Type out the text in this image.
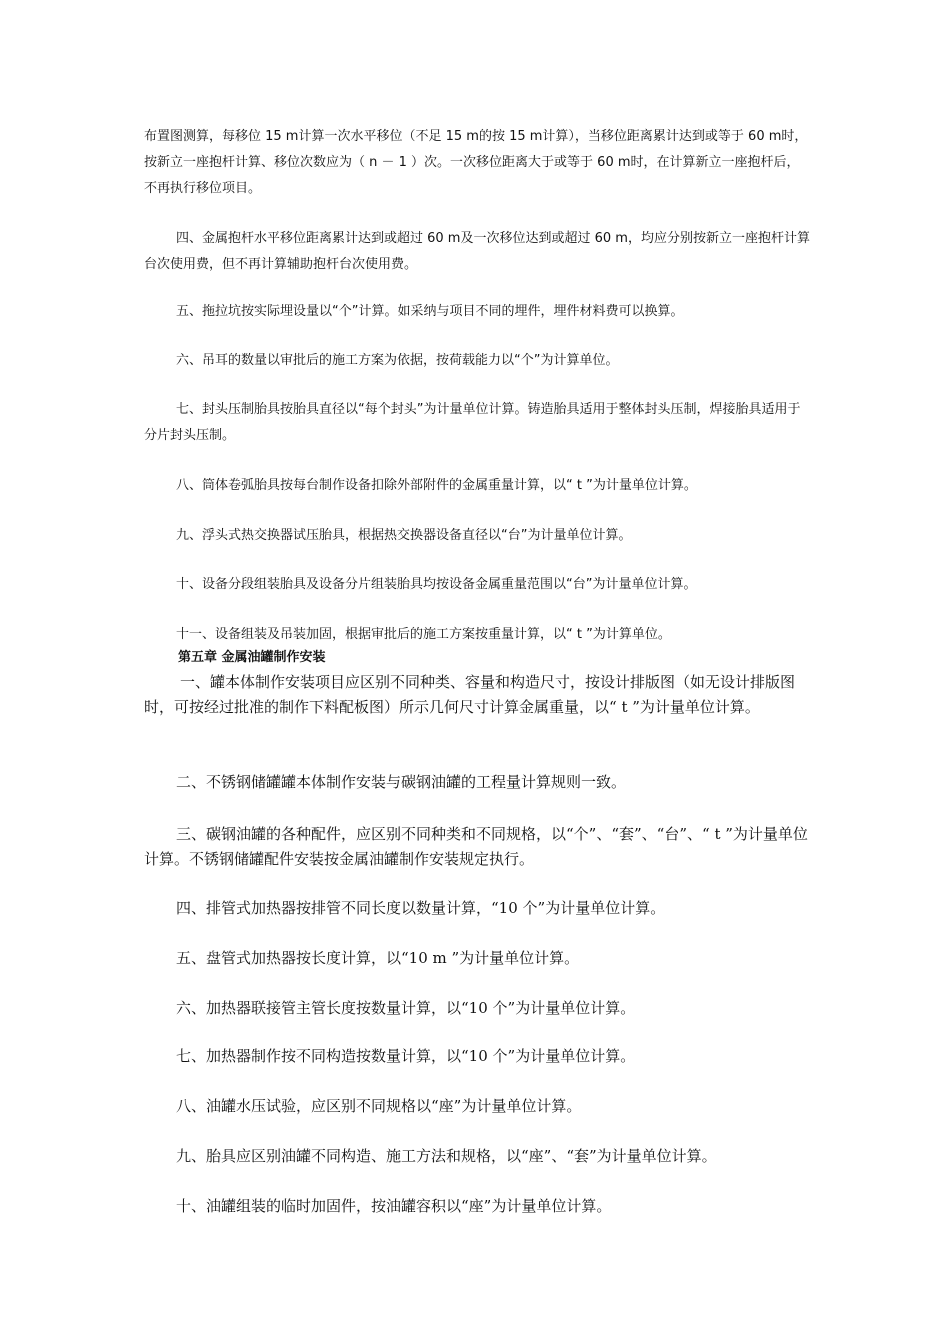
布置图测算，每移位 15 m计算一次水平移位（不足 15 m的按 15 m计算），当移位距离累计达到或等于 60 m时，按新立一座抱杆计算、移位次数应为（ n － 1 ）次。一次移位距离大于或等于 60 m时，在计算新立一座抱杆后，不再执行移位项目。

四、金属抱杆水平移位距离累计达到或超过 60 m及一次移位达到或超过 60 m，均应分别按新立一座抱杆计算台次使用费，但不再计算辅助抱杆台次使用费。

五、拖拉坑按实际埋设量以“个”计算。如采纳与项目不同的埋件，埋件材料费可以换算。

六、吊耳的数量以审批后的施工方案为依据，按荷载能力以“个”为计算单位。

七、封头压制胎具按胎具直径以“每个封头”为计量单位计算。铸造胎具适用于整体封头压制，焊接胎具适用于分片封头压制。

八、筒体卷弧胎具按每台制作设备扣除外部附件的金属重量计算，以“ t ”为计量单位计算。

九、浮头式热交换器试压胎具，根据热交换器设备直径以“台”为计量单位计算。

十、设备分段组装胎具及设备分片组装胎具均按设备金属重量范围以“台”为计量单位计算。

十一、设备组装及吊装加固，根据审批后的施工方案按重量计算，以“ t ”为计算单位。

第五章 金属油罐制作安装

一、罐本体制作安装项目应区别不同种类、容量和构造尺寸，按设计排版图（如无设计排版图时，可按经过批准的制作下料配板图）所示几何尺寸计算金属重量，以“ t ”为计量单位计算。

二、不锈钢储罐罐本体制作安装与碳钢油罐的工程量计算规则一致。

三、碳钢油罐的各种配件，应区别不同种类和不同规格，以“个”、“套”、“台”、“ t ”为计量单位计算。不锈钢储罐配件安装按金属油罐制作安装规定执行。

四、排管式加热器按排管不同长度以数量计算，“10 个”为计量单位计算。

五、盘管式加热器按长度计算，以“10 m ”为计量单位计算。

六、加热器联接管主管长度按数量计算，以“10 个”为计量单位计算。

七、加热器制作按不同构造按数量计算，以“10 个”为计量单位计算。

八、油罐水压试验，应区别不同规格以“座”为计量单位计算。

九、胎具应区别油罐不同构造、施工方法和规格，以“座”、“套”为计量单位计算。

十、油罐组装的临时加固件，按油罐容积以“座”为计量单位计算。
